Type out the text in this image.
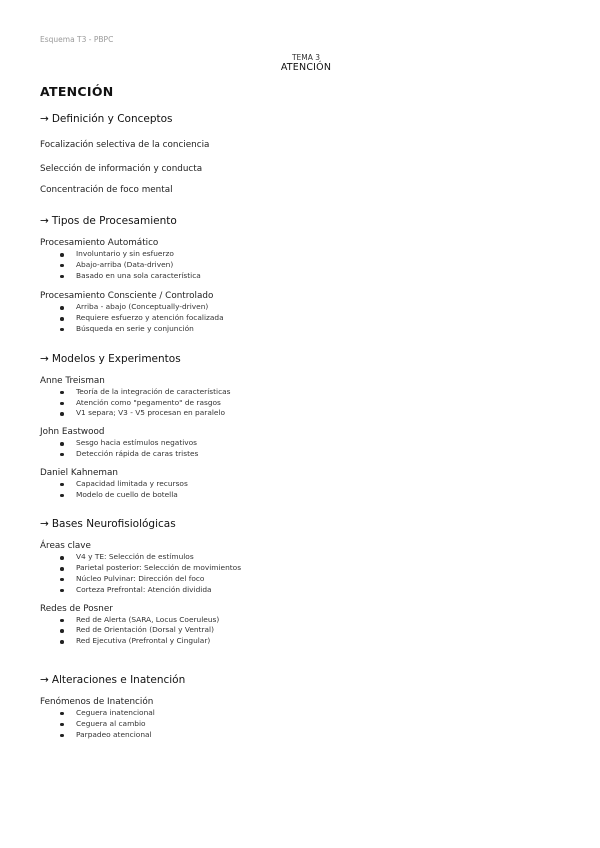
Esquema T3 - PBPC
TEMA 3
ATENCIÓN
ATENCIÓN
→ Definición y Conceptos
Focalización selectiva de la conciencia
Selección de información y conducta
Concentración de foco mental
→ Tipos de Procesamiento
Procesamiento Automático
Involuntario y sin esfuerzo
Abajo-arriba (Data-driven)
Basado en una sola característica
Procesamiento Consciente / Controlado
Arriba - abajo (Conceptually-driven)
Requiere esfuerzo y atención focalizada
Búsqueda en serie y conjunción
→ Modelos y Experimentos
Anne Treisman
Teoría de la integración de características
Atención como "pegamento" de rasgos
V1 separa; V3 - V5 procesan en paralelo
John Eastwood
Sesgo hacia estímulos negativos
Detección rápida de caras tristes
Daniel Kahneman
Capacidad limitada y recursos
Modelo de cuello de botella
→ Bases Neurofisiológicas
Áreas clave
V4 y TE: Selección de estímulos
Parietal posterior: Selección de movimientos
Núcleo Pulvinar: Dirección del foco
Corteza Prefrontal: Atención dividida
Redes de Posner
Red de Alerta (SARA, Locus Coeruleus)
Red de Orientación (Dorsal y Ventral)
Red Ejecutiva (Prefrontal y Cingular)
→ Alteraciones e Inatención
Fenómenos de Inatención
Ceguera inatencional
Ceguera al cambio
Parpadeo atencional
